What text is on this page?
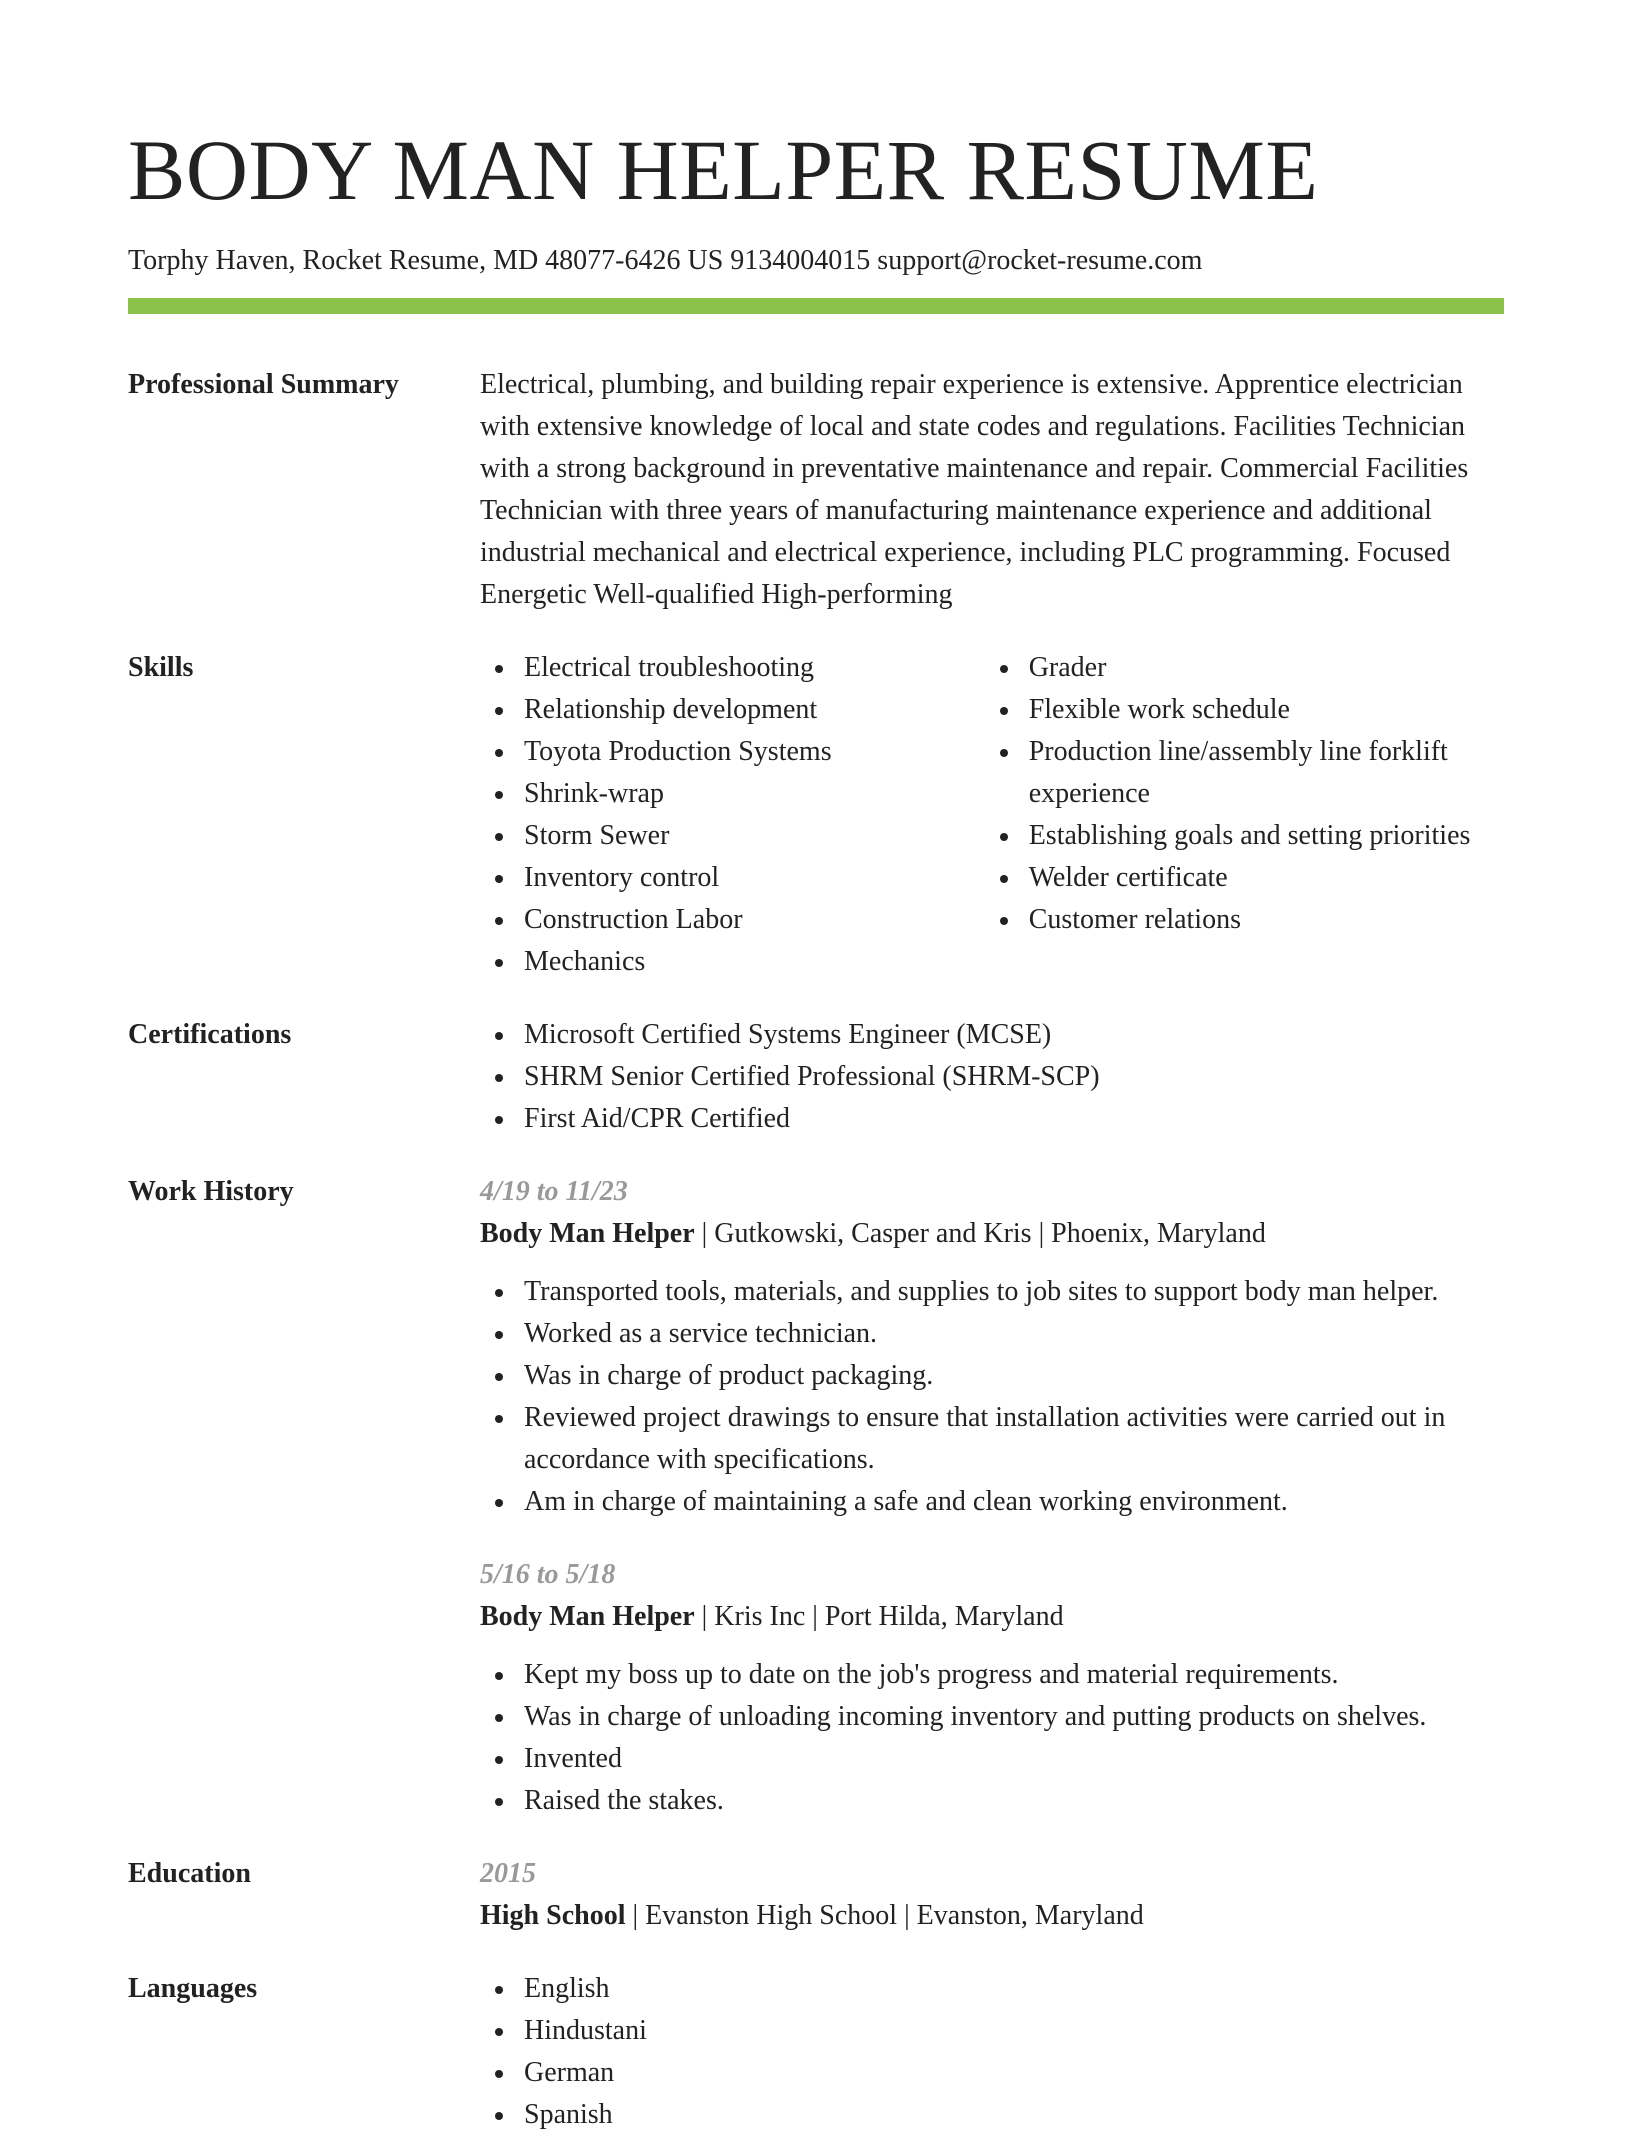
BODY MAN HELPER RESUME
Torphy Haven, Rocket Resume, MD 48077-6426 US 9134004015 support@rocket-resume.com
Professional Summary	Electrical, plumbing, and building repair experience is extensive. Apprentice electrician with extensive knowledge of local and state codes and regulations. Facilities Technician with a strong background in preventative maintenance and repair. Commercial Facilities Technician with three years of manufacturing maintenance experience and additional industrial mechanical and electrical experience, including PLC programming. Focused Energetic Well-qualified High-performing

Skills	Electrical troubleshooting
Relationship development
Toyota Production Systems
Shrink-wrap
Storm Sewer
Inventory control
Construction Labor
Mechanics
Grader
Flexible work schedule
Production line/assembly line forklift experience
Establishing goals and setting priorities
Welder certificate
Customer relations
Certifications	Microsoft Certified Systems Engineer (MCSE)
SHRM Senior Certified Professional (SHRM-SCP)
First Aid/CPR Certified
Work History	4/19 to 11/23
Body Man Helper | Gutkowski, Casper and Kris | Phoenix, Maryland
Transported tools, materials, and supplies to job sites to support body man helper.
Worked as a service technician.
Was in charge of product packaging.
Reviewed project drawings to ensure that installation activities were carried out in accordance with specifications.
Am in charge of maintaining a safe and clean working environment.
5/16 to 5/18
Body Man Helper | Kris Inc | Port Hilda, Maryland
Kept my boss up to date on the job's progress and material requirements.
Was in charge of unloading incoming inventory and putting products on shelves.
Invented
Raised the stakes.
Education	2015
High School | Evanston High School | Evanston, Maryland
Languages	English
Hindustani
German
Spanish
